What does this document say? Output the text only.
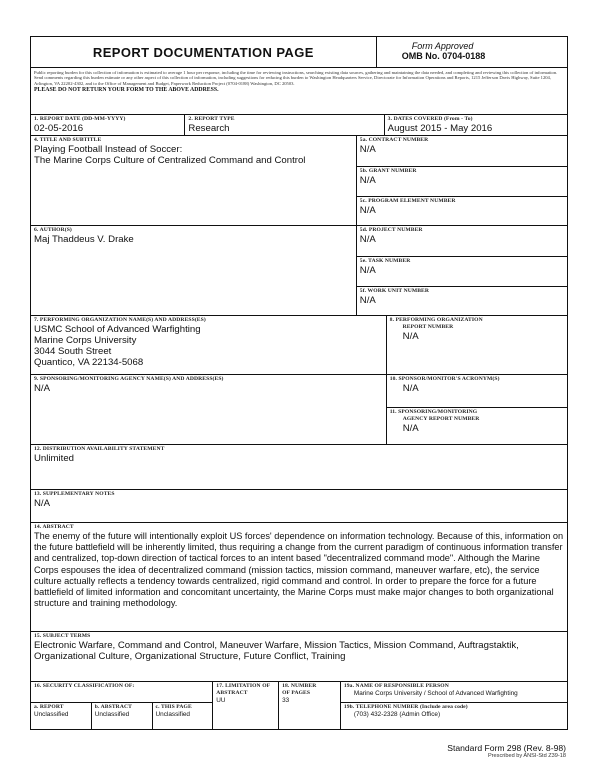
REPORT DOCUMENTATION PAGE	Form Approved
OMB No. 0704-0188
Public reporting burden for this collection of information is estimated to average 1 hour per response, including the time for reviewing instructions, searching existing data sources, gathering and maintaining the data needed, and completing and reviewing this collection of information. Send comments regarding this burden estimate or any other aspect of this collection of information, including suggestions for reducing this burden to Washington Headquarters Service, Directorate for Information Operations and Reports, 1215 Jefferson Davis Highway, Suite 1204, Arlington, VA 22202-4302, and to the Office of Management and Budget, Paperwork Reduction Project (0704-0188) Washington, DC 20503.
PLEASE DO NOT RETURN YOUR FORM TO THE ABOVE ADDRESS.
1. REPORT DATE (DD-MM-YYYY)
02-05-2016
2. REPORT TYPE
Research
3. DATES COVERED (From - To)
August 2015 - May 2016
4. TITLE AND SUBTITLE
Playing Football Instead of Soccer:
The Marine Corps Culture of Centralized Command and Control
5a. CONTRACT NUMBER
N/A
5b. GRANT NUMBER
N/A
5c. PROGRAM ELEMENT NUMBER
N/A
6. AUTHOR(S)
Maj Thaddeus V. Drake
5d. PROJECT NUMBER
N/A
5e. TASK NUMBER
N/A
5f. WORK UNIT NUMBER
N/A
7. PERFORMING ORGANIZATION NAME(S) AND ADDRESS(ES)
USMC School of Advanced Warfighting
Marine Corps University
3044 South Street
Quantico, VA 22134-5068
8. PERFORMING ORGANIZATION
REPORT NUMBER
N/A
9. SPONSORING/MONITORING AGENCY NAME(S) AND ADDRESS(ES)
N/A
10. SPONSOR/MONITOR'S ACRONYM(S)
N/A
11. SPONSORING/MONITORING
AGENCY REPORT NUMBER
N/A
12. DISTRIBUTION AVAILABILITY STATEMENT
Unlimited
13. SUPPLEMENTARY NOTES
N/A
14. ABSTRACT
The enemy of the future will intentionally exploit US forces' dependence on information technology. Because of this, information on the future battlefield will be inherently limited, thus requiring a change from the current paradigm of continuous information transfer and centralized, top-down direction of tactical forces to an intent based "decentralized command mode". Although the Marine Corps espouses the idea of decentralized command (mission tactics, mission command, maneuver warfare, etc), the service culture actually reflects a tendency towards centralized, rigid command and control. In order to prepare the force for a future battlefield of limited information and concomitant uncertainty, the Marine Corps must make major changes to both organizational structure and training methodology.
15. SUBJECT TERMS
Electronic Warfare, Command and Control, Maneuver Warfare, Mission Tactics, Mission Command, Auftragstaktik, Organizational Culture, Organizational Structure, Future Conflict, Training
16. SECURITY CLASSIFICATION OF:
a. REPORT
Unclassified
b. ABSTRACT
Unclassified
c. THIS PAGE
Unclassified
17. LIMITATION OF
ABSTRACT
UU
18. NUMBER
OF PAGES
33
19a. NAME OF RESPONSIBLE PERSON
Marine Corps University / School of Advanced Warfighting
19b. TELEPHONE NUMBER (Include area code)
(703) 432-2328 (Admin Office)
Standard Form 298 (Rev. 8-98)
Prescribed by ANSI-Std Z39-18
